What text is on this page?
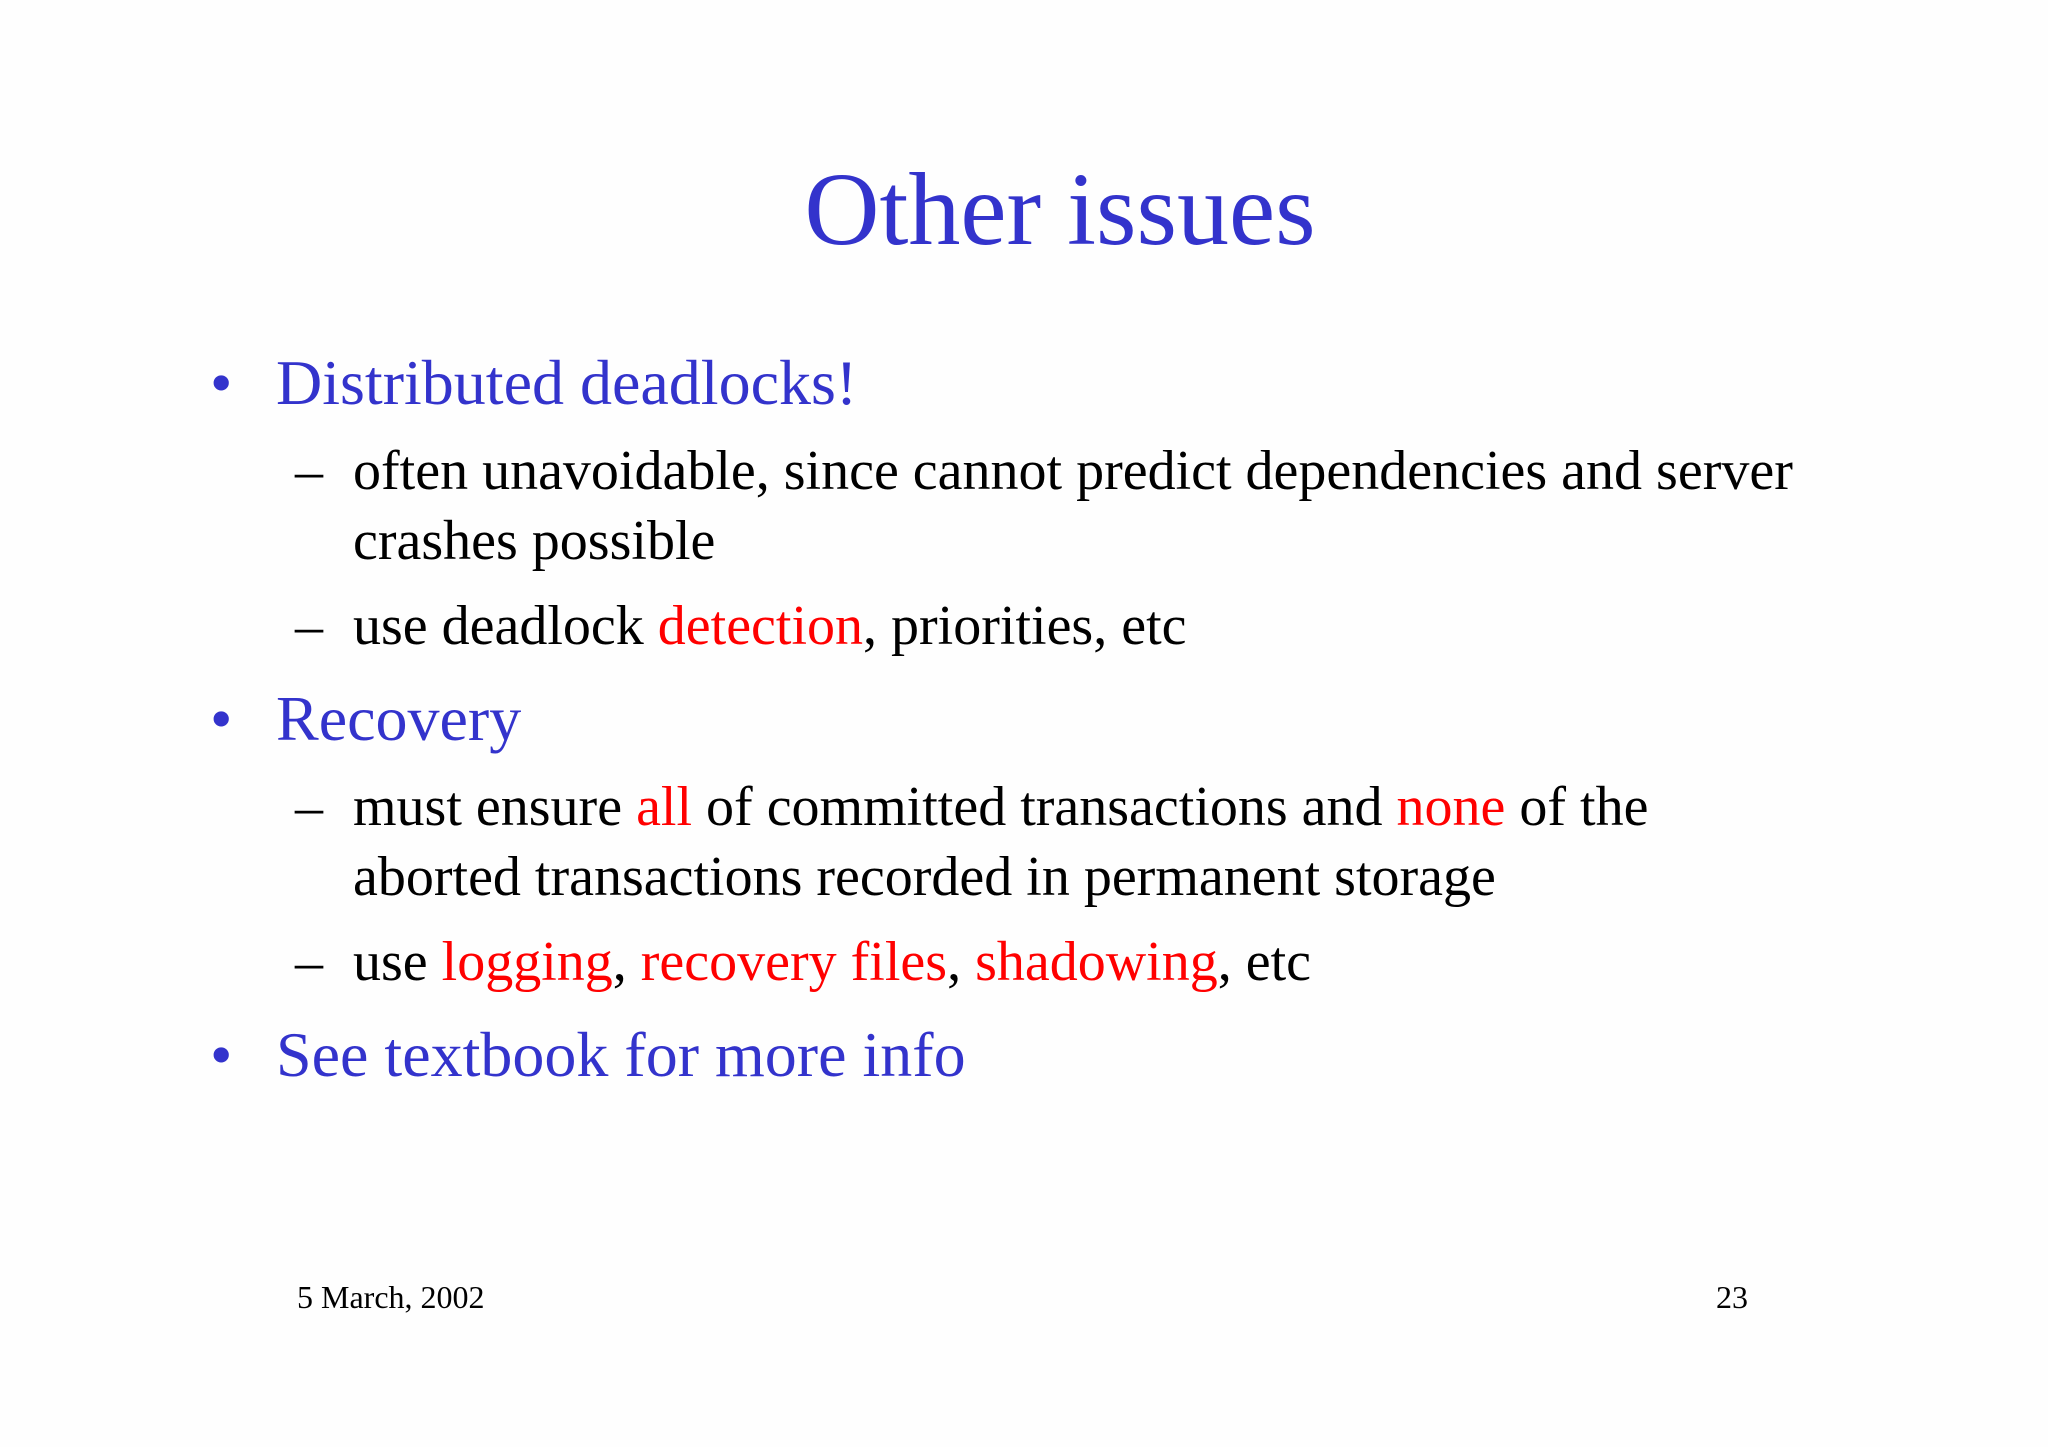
Other issues
• Distributed deadlocks!
– often unavoidable, since cannot predict dependencies and server crashes possible
– use deadlock detection, priorities, etc
• Recovery
– must ensure all of committed transactions and none of the aborted transactions recorded in permanent storage
– use logging, recovery files, shadowing, etc
• See textbook for more info
5 March, 2002	23
